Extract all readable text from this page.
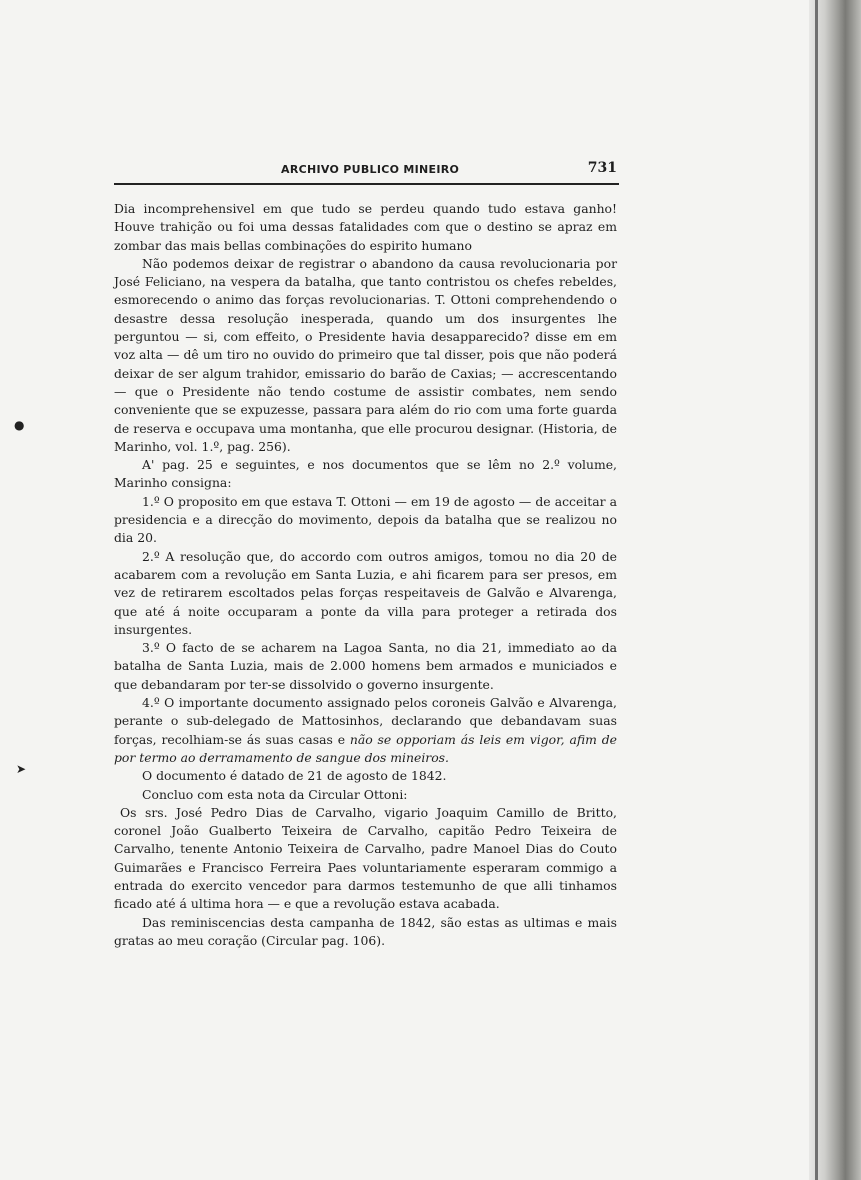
ARCHIVO PUBLICO MINEIRO	731
●
➤

Dia incomprehensivel em que tudo se perdeu quando tudo estava ganho! Houve trahição ou foi uma dessas fatalidades com que o destino se apraz em zombar das mais bellas combinações do espirito humano

Não podemos deixar de registrar o abandono da causa revolucionaria por José Feliciano, na vespera da batalha, que tanto contristou os chefes rebeldes, esmorecendo o animo das forças revolucionarias. T. Ottoni comprehendendo o desastre dessa resolução inesperada, quando um dos insurgentes lhe perguntou — si, com effeito, o Presidente havia desapparecido? disse em em voz alta — dê um tiro no ouvido do primeiro que tal disser, pois que não poderá deixar de ser algum trahidor, emissario do barão de Caxias; — accrescentando — que o Presidente não tendo costume de assistir combates, nem sendo conveniente que se expuzesse, passara para além do rio com uma forte guarda de reserva e occupava uma montanha, que elle procurou designar. (Historia, de Marinho, vol. 1.º, pag. 256).

A' pag. 25 e seguintes, e nos documentos que se lêm no 2.º volume, Marinho consigna:

1.º O proposito em que estava T. Ottoni — em 19 de agosto — de acceitar a presidencia e a direcção do movimento, depois da batalha que se realizou no dia 20.

2.º A resolução que, do accordo com outros amigos, tomou no dia 20 de acabarem com a revolução em Santa Luzia, e ahi ficarem para ser presos, em vez de retirarem escoltados pelas forças respeitaveis de Galvão e Alvarenga, que até á noite occuparam a ponte da villa para proteger a retirada dos insurgentes.

3.º O facto de se acharem na Lagoa Santa, no dia 21, immediato ao da batalha de Santa Luzia, mais de 2.000 homens bem armados e municiados e que debandaram por ter-se dissolvido o governo insurgente.

4.º O importante documento assignado pelos coroneis Galvão e Alvarenga, perante o sub-delegado de Mattosinhos, declarando que debandavam suas forças, recolhiam-se ás suas casas e não se opporiam ás leis em vigor, afim de por termo ao derramamento de sangue dos mineiros.

O documento é datado de 21 de agosto de 1842.

Concluo com esta nota da Circular Ottoni:

Os srs. José Pedro Dias de Carvalho, vigario Joaquim Camillo de Britto, coronel João Gualberto Teixeira de Carvalho, capitão Pedro Teixeira de Carvalho, tenente Antonio Teixeira de Carvalho, padre Manoel Dias do Couto Guimarães e Francisco Ferreira Paes voluntariamente esperaram commigo a entrada do exercito vencedor para darmos testemunho de que alli tinhamos ficado até á ultima hora — e que a revolução estava acabada.

Das reminiscencias desta campanha de 1842, são estas as ultimas e mais gratas ao meu coração (Circular pag. 106).
